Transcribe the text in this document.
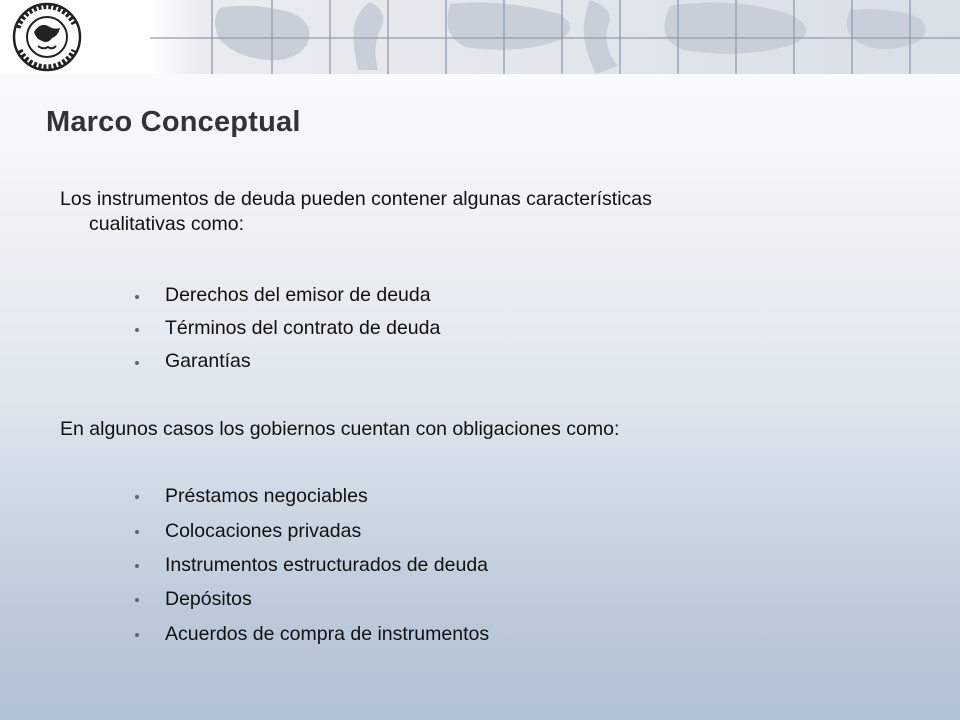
Marco Conceptual
Los instrumentos de deuda pueden contener algunas características
cualitativas como:
Derechos del emisor de deuda
Términos del contrato de deuda
Garantías
En algunos casos los gobiernos cuentan con obligaciones como:
Préstamos negociables
Colocaciones privadas
Instrumentos estructurados de deuda
Depósitos
Acuerdos de compra de instrumentos
